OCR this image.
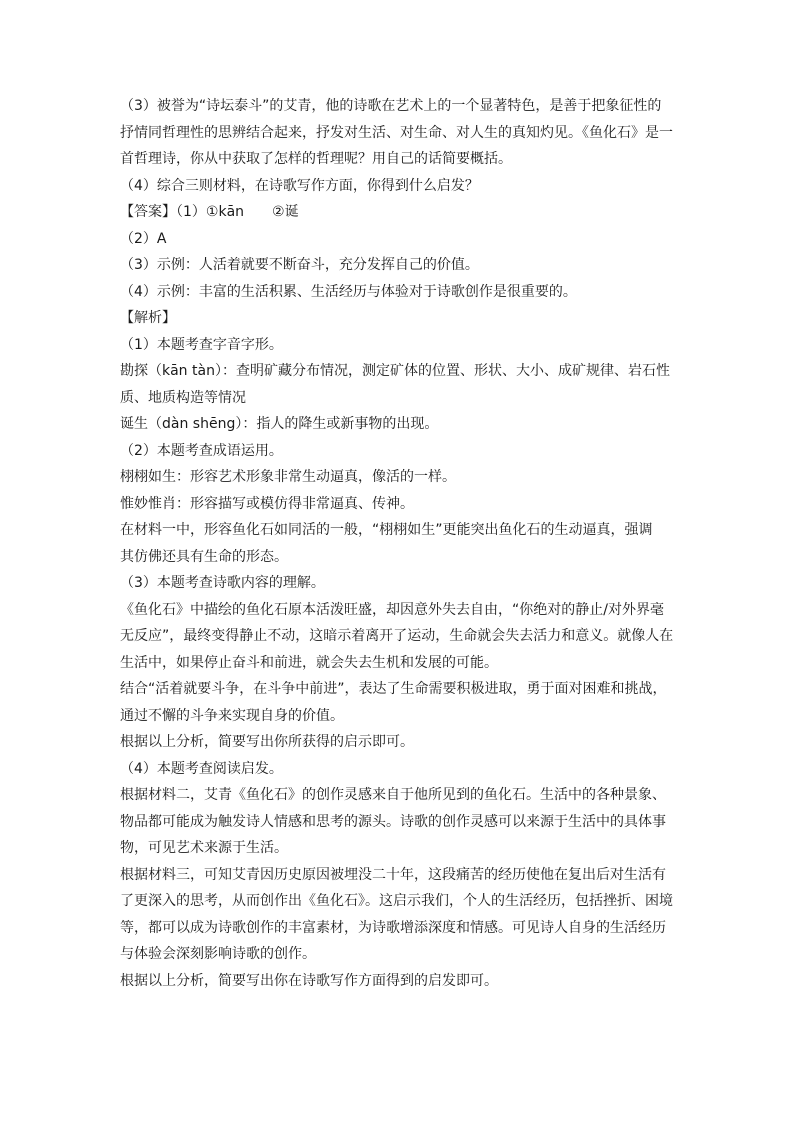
（3）被誉为“诗坛泰斗”的艾青，他的诗歌在艺术上的一个显著特色，是善于把象征性的
抒情同哲理性的思辨结合起来，抒发对生活、对生命、对人生的真知灼见。《鱼化石》是一
首哲理诗，你从中获取了怎样的哲理呢？用自己的话简要概括。
（4）综合三则材料，在诗歌写作方面，你得到什么启发？
【答案】（1）①kān　　②诞
（2）A
（3）示例：人活着就要不断奋斗，充分发挥自己的价值。
（4）示例：丰富的生活积累、生活经历与体验对于诗歌创作是很重要的。
【解析】
（1）本题考查字音字形。
勘探（kān tàn）：查明矿藏分布情况，测定矿体的位置、形状、大小、成矿规律、岩石性
质、地质构造等情况
诞生（dàn shēng）：指人的降生或新事物的出现。
（2）本题考查成语运用。
栩栩如生：形容艺术形象非常生动逼真，像活的一样。
惟妙惟肖：形容描写或模仿得非常逼真、传神。
在材料一中，形容鱼化石如同活的一般，“栩栩如生”更能突出鱼化石的生动逼真，强调
其仿佛还具有生命的形态。
（3）本题考查诗歌内容的理解。
《鱼化石》中描绘的鱼化石原本活泼旺盛，却因意外失去自由，“你绝对的静止/对外界毫
无反应”，最终变得静止不动，这暗示着离开了运动，生命就会失去活力和意义。就像人在
生活中，如果停止奋斗和前进，就会失去生机和发展的可能。
结合“活着就要斗争，在斗争中前进”，表达了生命需要积极进取，勇于面对困难和挑战，
通过不懈的斗争来实现自身的价值。
根据以上分析，简要写出你所获得的启示即可。
（4）本题考查阅读启发。
根据材料二，艾青《鱼化石》的创作灵感来自于他所见到的鱼化石。生活中的各种景象、
物品都可能成为触发诗人情感和思考的源头。诗歌的创作灵感可以来源于生活中的具体事
物，可见艺术来源于生活。
根据材料三，可知艾青因历史原因被埋没二十年，这段痛苦的经历使他在复出后对生活有
了更深入的思考，从而创作出《鱼化石》。这启示我们，个人的生活经历，包括挫折、困境
等，都可以成为诗歌创作的丰富素材，为诗歌增添深度和情感。可见诗人自身的生活经历
与体验会深刻影响诗歌的创作。
根据以上分析，简要写出你在诗歌写作方面得到的启发即可。
